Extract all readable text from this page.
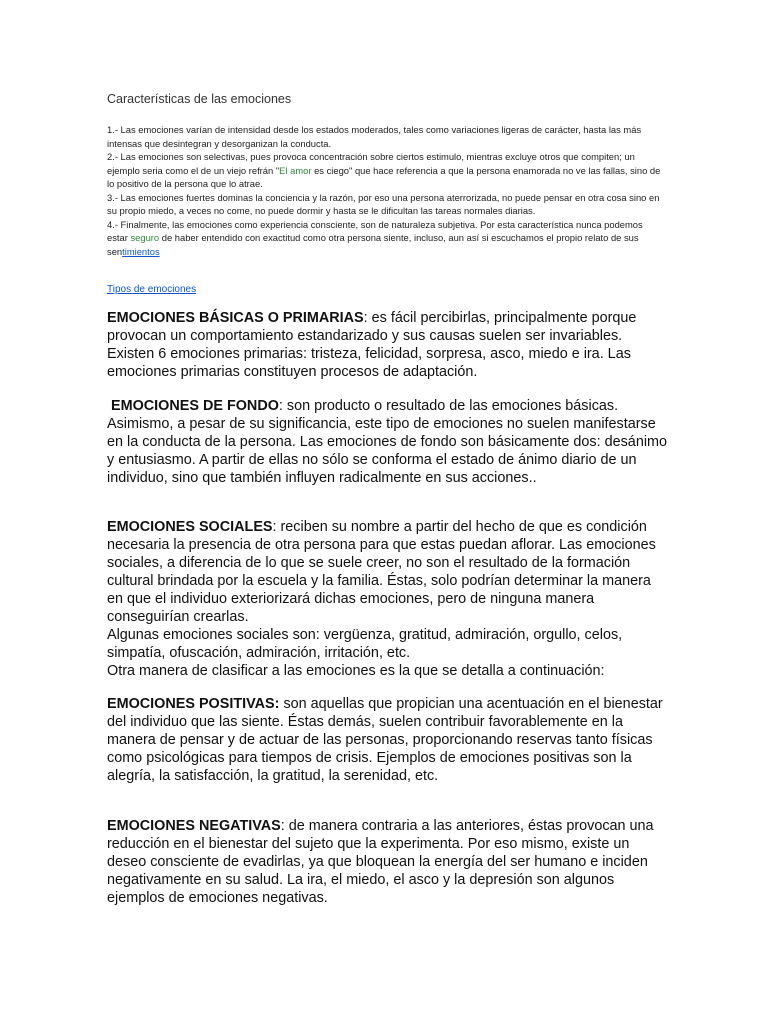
Características de las emociones

1.- Las emociones varían de intensidad desde los estados moderados, tales como variaciones ligeras de carácter, hasta las más intensas que desintegran y desorganizan la conducta.

2.- Las emociones son selectivas, pues provoca concentración sobre ciertos estimulo, mientras excluye otros que compiten; un ejemplo seria como el de un viejo refrán "El amor es ciego" que hace referencia a que la persona enamorada no ve las fallas, sino de lo positivo de la persona que lo atrae.

3.- Las emociones fuertes dominas la conciencia y la razón, por eso una persona aterrorizada, no puede pensar en otra cosa sino en su propio miedo, a veces no come, no puede dormir y hasta se le dificultan las tareas normales diarias.

4.- Finalmente, las emociones como experiencia consciente, son de naturaleza subjetiva. Por esta característica nunca podemos estar seguro de haber entendido con exactitud como otra persona siente, incluso, aun así si escuchamos el propio relato de sus sentimientos

Tipos de emociones

EMOCIONES BÁSICAS O PRIMARIAS: es fácil percibirlas, principalmente porque provocan un comportamiento estandarizado y sus causas suelen ser invariables. Existen 6 emociones primarias: tristeza, felicidad, sorpresa, asco, miedo e ira. Las emociones primarias constituyen procesos de adaptación.

EMOCIONES DE FONDO: son producto o resultado de las emociones básicas. Asimismo, a pesar de su significancia, este tipo de emociones no suelen manifestarse en la conducta de la persona. Las emociones de fondo son básicamente dos: desánimo y entusiasmo. A partir de ellas no sólo se conforma el estado de ánimo diario de un individuo, sino que también influyen radicalmente en sus acciones..

EMOCIONES SOCIALES: reciben su nombre a partir del hecho de que es condición necesaria la presencia de otra persona para que estas puedan aflorar. Las emociones sociales, a diferencia de lo que se suele creer, no son el resultado de la formación cultural brindada por la escuela y la familia. Éstas, solo podrían determinar la manera en que el individuo exteriorizará dichas emociones, pero de ninguna manera conseguirían crearlas.

Algunas emociones sociales son: vergüenza, gratitud, admiración, orgullo, celos, simpatía, ofuscación, admiración, irritación, etc.

Otra manera de clasificar a las emociones es la que se detalla a continuación:

EMOCIONES POSITIVAS: son aquellas que propician una acentuación en el bienestar del individuo que las siente. Éstas demás, suelen contribuir favorablemente en la manera de pensar y de actuar de las personas, proporcionando reservas tanto físicas como psicológicas para tiempos de crisis. Ejemplos de emociones positivas son la alegría, la satisfacción, la gratitud, la serenidad, etc.

EMOCIONES NEGATIVAS: de manera contraria a las anteriores, éstas provocan una reducción en el bienestar del sujeto que la experimenta. Por eso mismo, existe un deseo consciente de evadirlas, ya que bloquean la energía del ser humano e inciden negativamente en su salud. La ira, el miedo, el asco y la depresión son algunos ejemplos de emociones negativas.
